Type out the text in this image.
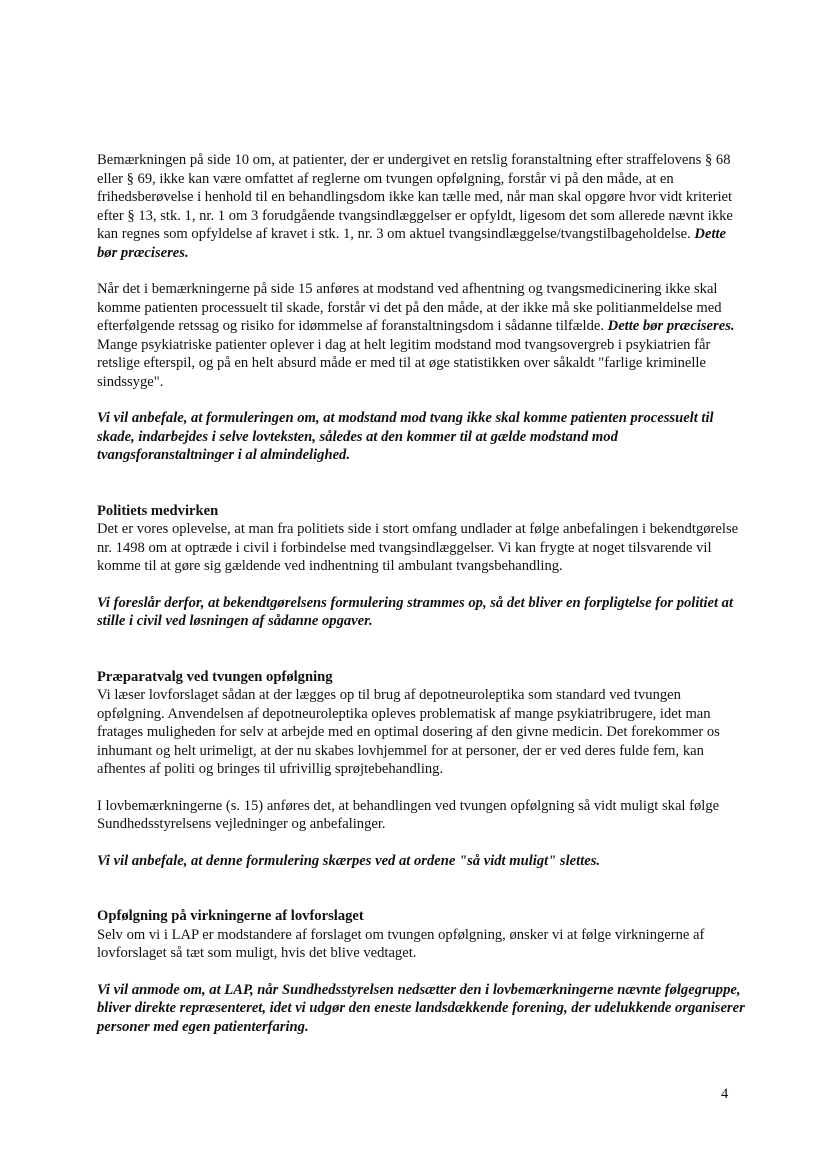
Bemærkningen på side 10 om, at patienter, der er undergivet en retslig foranstaltning efter straffelovens § 68 eller § 69, ikke kan være omfattet af reglerne om tvungen opfølgning, forstår vi på den måde, at en frihedsberøvelse i henhold til en behandlingsdom ikke kan tælle med, når man skal opgøre hvor vidt kriteriet efter § 13, stk. 1, nr. 1 om 3 forudgående tvangsindlæggelser er opfyldt, ligesom det som allerede nævnt ikke kan regnes som opfyldelse af kravet i stk. 1, nr. 3 om aktuel tvangsindlæggelse/tvangstilbageholdelse. Dette bør præciseres.

Når det i bemærkningerne på side 15 anføres at modstand ved afhentning og tvangsmedicinering ikke skal komme patienten processuelt til skade, forstår vi det på den måde, at der ikke må ske politianmeldelse med efterfølgende retssag og risiko for idømmelse af foranstaltningsdom i sådanne tilfælde. Dette bør præciseres. Mange psykiatriske patienter oplever i dag at helt legitim modstand mod tvangsovergreb i psykiatrien får retslige efterspil, og på en helt absurd måde er med til at øge statistikken over såkaldt "farlige kriminelle sindssyge".

Vi vil anbefale, at formuleringen om, at modstand mod tvang ikke skal komme patienten processuelt til skade, indarbejdes i selve lovteksten, således at den kommer til at gælde modstand mod tvangsforanstaltninger i al almindelighed.

Politiets medvirken

Det er vores oplevelse, at man fra politiets side i stort omfang undlader at følge anbefalingen i bekendtgørelse nr. 1498 om at optræde i civil i forbindelse med tvangsindlæggelser. Vi kan frygte at noget tilsvarende vil komme til at gøre sig gældende ved indhentning til ambulant tvangsbehandling.

Vi foreslår derfor, at bekendtgørelsens formulering strammes op, så det bliver en forpligtelse for politiet at stille i civil ved løsningen af sådanne opgaver.

Præparatvalg ved tvungen opfølgning

Vi læser lovforslaget sådan at der lægges op til brug af depotneuroleptika som standard ved tvungen opfølgning. Anvendelsen af depotneuroleptika opleves problematisk af mange psykiatribrugere, idet man fratages muligheden for selv at arbejde med en optimal dosering af den givne medicin. Det forekommer os inhumant og helt urimeligt, at der nu skabes lovhjemmel for at personer, der er ved deres fulde fem, kan afhentes af politi og bringes til ufrivillig sprøjtebehandling.

I lovbemærkningerne (s. 15) anføres det, at behandlingen ved tvungen opfølgning så vidt muligt skal følge Sundhedsstyrelsens vejledninger og anbefalinger.

Vi vil anbefale, at denne formulering skærpes ved at ordene "så vidt muligt" slettes.

Opfølgning på virkningerne af lovforslaget

Selv om vi i LAP er modstandere af forslaget om tvungen opfølgning, ønsker vi at følge virkningerne af lovforslaget så tæt som muligt, hvis det blive vedtaget.

Vi vil anmode om, at LAP, når Sundhedsstyrelsen nedsætter den i lovbemærkningerne nævnte følgegruppe, bliver direkte repræsenteret, idet vi udgør den eneste landsdækkende forening, der udelukkende organiserer personer med egen patienterfaring.

4
